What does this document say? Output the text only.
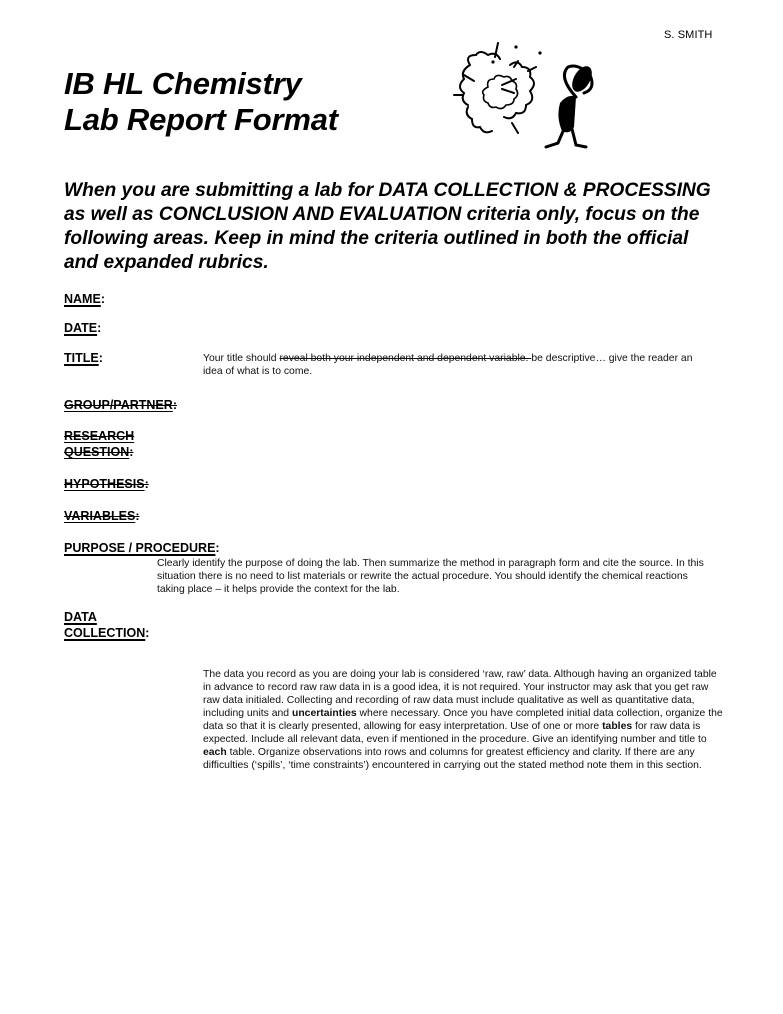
S. SMITH
IB HL Chemistry
Lab Report Format

When you are submitting a lab for DATA COLLECTION & PROCESSING as well as CONCLUSION AND EVALUATION criteria only, focus on the following areas. Keep in mind the criteria outlined in both the official and expanded rubrics.

NAME:
DATE:
TITLE:	Your title should reveal both your independent and dependent variable. be descriptive… give the reader an idea of what is to come.

GROUP/PARTNER:
RESEARCH
QUESTION:
HYPOTHESIS:
VARIABLES:
PURPOSE / PROCEDURE:

Clearly identify the purpose of doing the lab. Then summarize the method in paragraph form and cite the source. In this situation there is no need to list materials or rewrite the actual procedure. You should identify the chemical reactions taking place – it helps provide the context for the lab.

DATA
COLLECTION:

The data you record as you are doing your lab is considered ‘raw, raw’ data. Although having an organized table in advance to record raw raw data in is a good idea, it is not required. Your instructor may ask that you get raw raw data initialed. Collecting and recording of raw data must include qualitative as well as quantitative data, including units and uncertainties where necessary. Once you have completed initial data collection, organize the data so that it is clearly presented, allowing for easy interpretation. Use of one or more tables for raw data is expected. Include all relevant data, even if mentioned in the procedure. Give an identifying number and title to each table. Organize observations into rows and columns for greatest efficiency and clarity. If there are any difficulties (‘spills’, ‘time constraints’) encountered in carrying out the stated method note them in this section.
